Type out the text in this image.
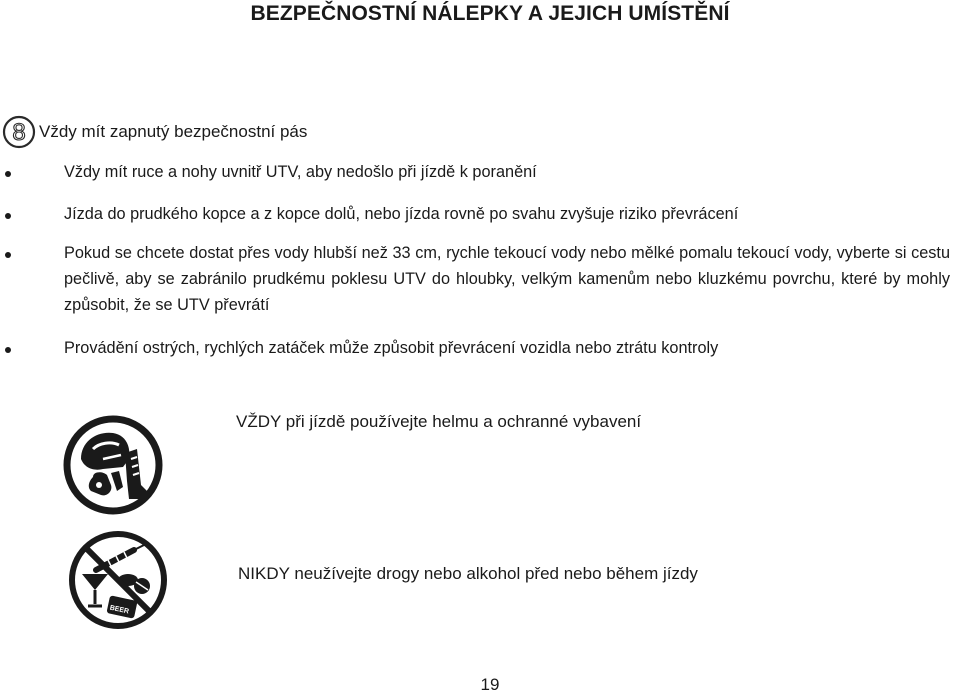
BEZPEČNOSTNÍ NÁLEPKY A JEJICH UMÍSTĚNÍ
8 Vždy mít zapnutý bezpečnostní pás
Vždy mít ruce a nohy uvnitř UTV, aby nedošlo při jízdě k poranění
Jízda do prudkého kopce a z kopce dolů, nebo jízda rovně po svahu zvyšuje riziko převrácení
Pokud se chcete dostat přes vody hlubší než 33 cm, rychle tekoucí vody nebo mělké pomalu tekoucí vody, vyberte si cestu pečlivě, aby se zabránilo prudkému poklesu UTV do hloubky, velkým kamenům nebo kluzkému povrchu, které by mohly způsobit, že se UTV převrátí
Provádění ostrých, rychlých zatáček může způsobit převrácení vozidla nebo ztrátu kontroly
VŽDY při jízdě používejte helmu a ochranné vybavení
BEER
NIKDY neužívejte drogy nebo alkohol před nebo během jízdy
19
